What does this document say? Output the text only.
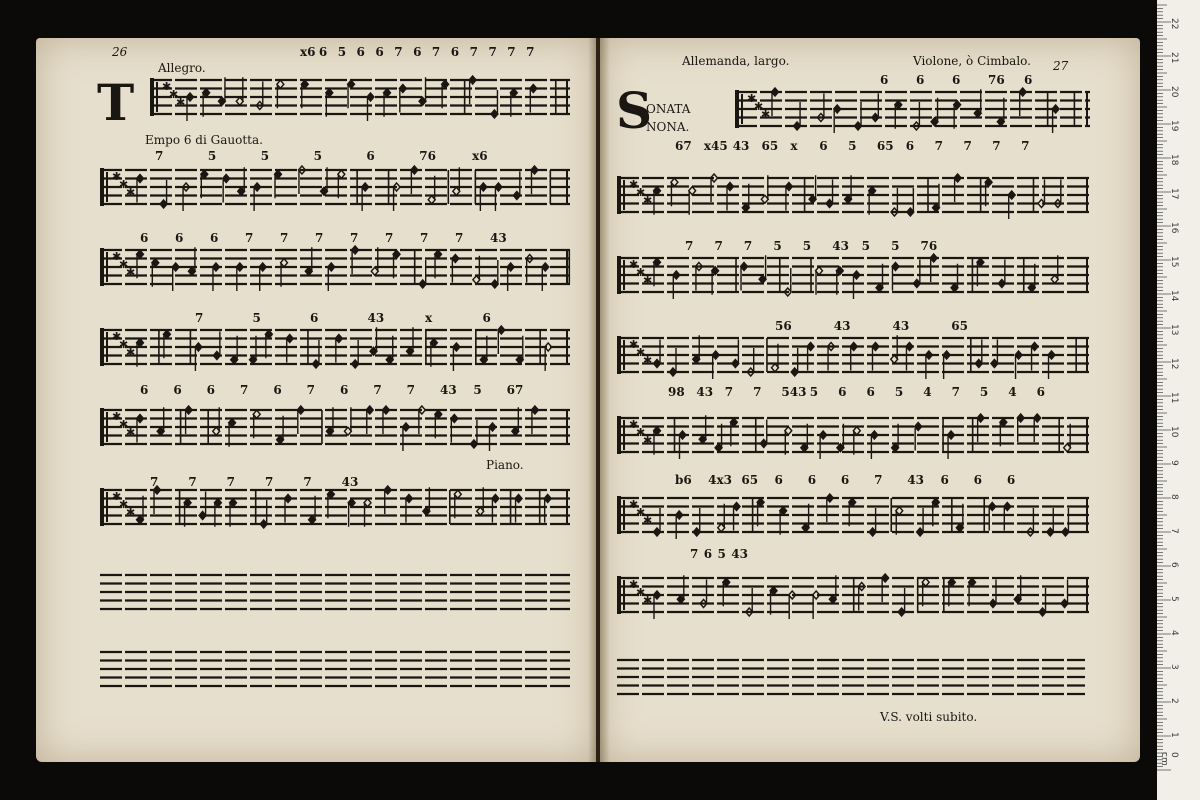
✱
✱
✱
✱
✱
✱
✱
✱
✱
✱
✱
✱
✱
✱
✱
✱
✱
✱
✱
✱
✱
✱
✱
✱
✱
✱
✱
✱
✱
✱
✱
✱
✱
✱
✱
✱
✱
✱
✱
26
T
Allegro.
Empo 6 di Gauotta.
Piano.
Allemanda, largo.	Violone, ò Cimbalo. 27
S
ONATA
NONA.
V.S. volti subito.
x6 6 5 6 6 7 6 7 6 7 7 7 7
7	5	5	5	6	76	x6
6 6 6 7 7 7 7 7 7 7 43
7	5	6	43	x	6
6 6 6 7 6 7 6 7 7 43 5 67
7 7 7 7 7 43
6 6 6 76 6
67 x45 43 65 x 6 5 65 6 7 7 7 7
7 7 7 5 5 43 5 5 76
56	43	43	65
98 43 7 7 543 5 6 6 5 4 7 5 4 6
b6 4x3 65 6 6 6 7 43 6 6 6
7 6 5 43
0 cm
1
2
3
4
5
6
7
8
9
10
11
12
13
14
15
16
17
18
19
20
21
22
